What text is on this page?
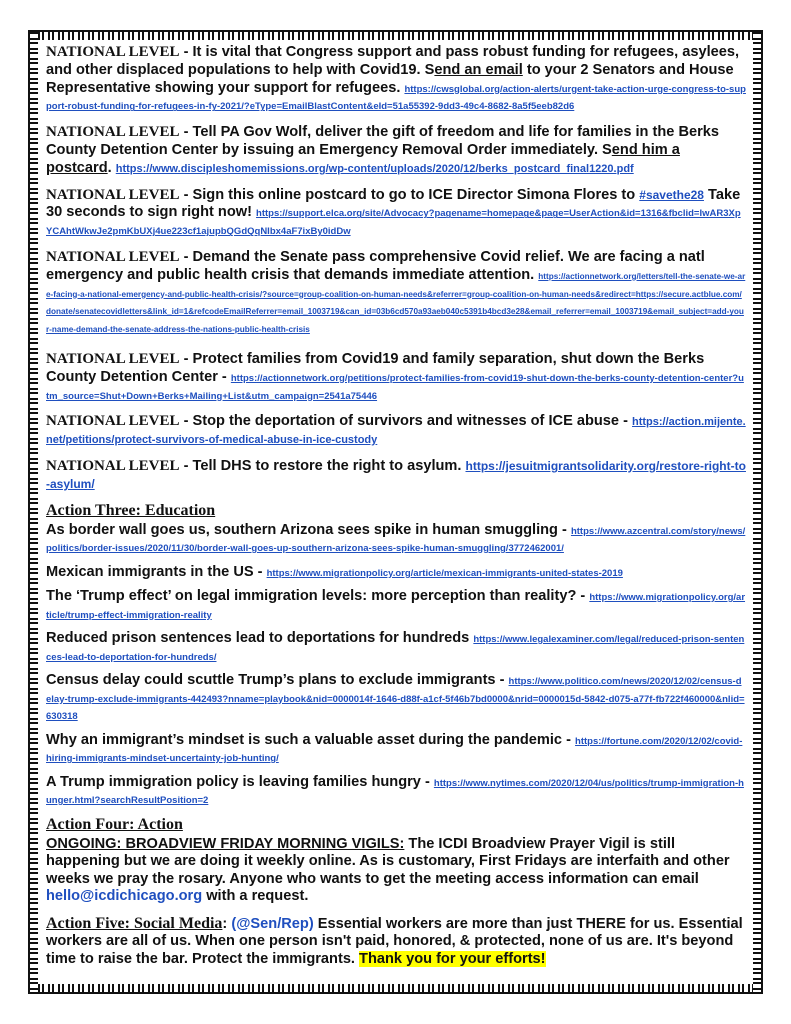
NATIONAL LEVEL - It is vital that Congress support and pass robust funding for refugees, asylees, and other displaced populations to help with Covid19. Send an email to your 2 Senators and House Representative showing your support for refugees. https://cwsglobal.org/action-alerts/urgent-take-action-urge-congress-to-support-robust-funding-for-refugees-in-fy-2021/?eType=EmailBlastContent&eId=51a55392-9dd3-49c4-8682-8a5f5eeb82d6
NATIONAL LEVEL - Tell PA Gov Wolf, deliver the gift of freedom and life for families in the Berks County Detention Center by issuing an Emergency Removal Order immediately. Send him a postcard. https://www.discipleshomemissions.org/wp-content/uploads/2020/12/berks_postcard_final1220.pdf
NATIONAL LEVEL - Sign this online postcard to go to ICE Director Simona Flores to #savethe28 Take 30 seconds to sign right now! https://support.elca.org/site/Advocacy?pagename=homepage&page=UserAction&id=1316&fbclid=IwAR3XpYCAhtWkwJe2pmKbUXj4ue223cf1ajupbQGdQqNIbx4aF7ixBy0idDw
NATIONAL LEVEL - Demand the Senate pass comprehensive Covid relief. We are facing a natl emergency and public health crisis that demands immediate attention. https://actionnetwork.org/letters/tell-the-senate-we-are-facing-a-national-emergency-and-public-health-crisis/?source=group-coalition-on-human-needs&referrer=group-coalition-on-human-needs&redirect=https://secure.actblue.com/donate/senatecovidletters&link_id=1&refcodeEmailReferrer=email_1003719&can_id=03b6cd570a93aeb040c5391b4bcd3e28&email_referrer=email_1003719&email_subject=add-your-name-demand-the-senate-address-the-nations-public-health-crisis
NATIONAL LEVEL - Protect families from Covid19 and family separation, shut down the Berks County Detention Center - https://actionnetwork.org/petitions/protect-families-from-covid19-shut-down-the-berks-county-detention-center?utm_source=Shut+Down+Berks+Mailing+List&utm_campaign=2541a75446
NATIONAL LEVEL - Stop the deportation of survivors and witnesses of ICE abuse - https://action.mijente.net/petitions/protect-survivors-of-medical-abuse-in-ice-custody
NATIONAL LEVEL - Tell DHS to restore the right to asylum. https://jesuitmigrantsolidarity.org/restore-right-to-asylum/
Action Three: Education
As border wall goes us, southern Arizona sees spike in human smuggling - https://www.azcentral.com/story/news/politics/border-issues/2020/11/30/border-wall-goes-up-southern-arizona-sees-spike-human-smuggling/3772462001/
Mexican immigrants in the US - https://www.migrationpolicy.org/article/mexican-immigrants-united-states-2019
The ‘Trump effect’ on legal immigration levels: more perception than reality? - https://www.migrationpolicy.org/article/trump-effect-immigration-reality
Reduced prison sentences lead to deportations for hundreds https://www.legalexaminer.com/legal/reduced-prison-sentences-lead-to-deportation-for-hundreds/
Census delay could scuttle Trump’s plans to exclude immigrants - https://www.politico.com/news/2020/12/02/census-delay-trump-exclude-immigrants-442493?nname=playbook&nid=0000014f-1646-d88f-a1cf-5f46b7bd0000&nrid=0000015d-5842-d075-a77f-fb722f460000&nlid=630318
Why an immigrant’s mindset is such a valuable asset during the pandemic - https://fortune.com/2020/12/02/covid-hiring-immigrants-mindset-uncertainty-job-hunting/
A Trump immigration policy is leaving families hungry - https://www.nytimes.com/2020/12/04/us/politics/trump-immigration-hunger.html?searchResultPosition=2
Action Four: Action
ONGOING: BROADVIEW FRIDAY MORNING VIGILS: The ICDI Broadview Prayer Vigil is still happening but we are doing it weekly online. As is customary, First Fridays are interfaith and other weeks we pray the rosary. Anyone who wants to get the meeting access information can email hello@icdichicago.org with a request.
Action Five: Social Media: (@Sen/Rep) Essential workers are more than just THERE for us. Essential workers are all of us. When one person isn't paid, honored, & protected, none of us are. It's beyond time to raise the bar. Protect the immigrants. Thank you for your efforts!
